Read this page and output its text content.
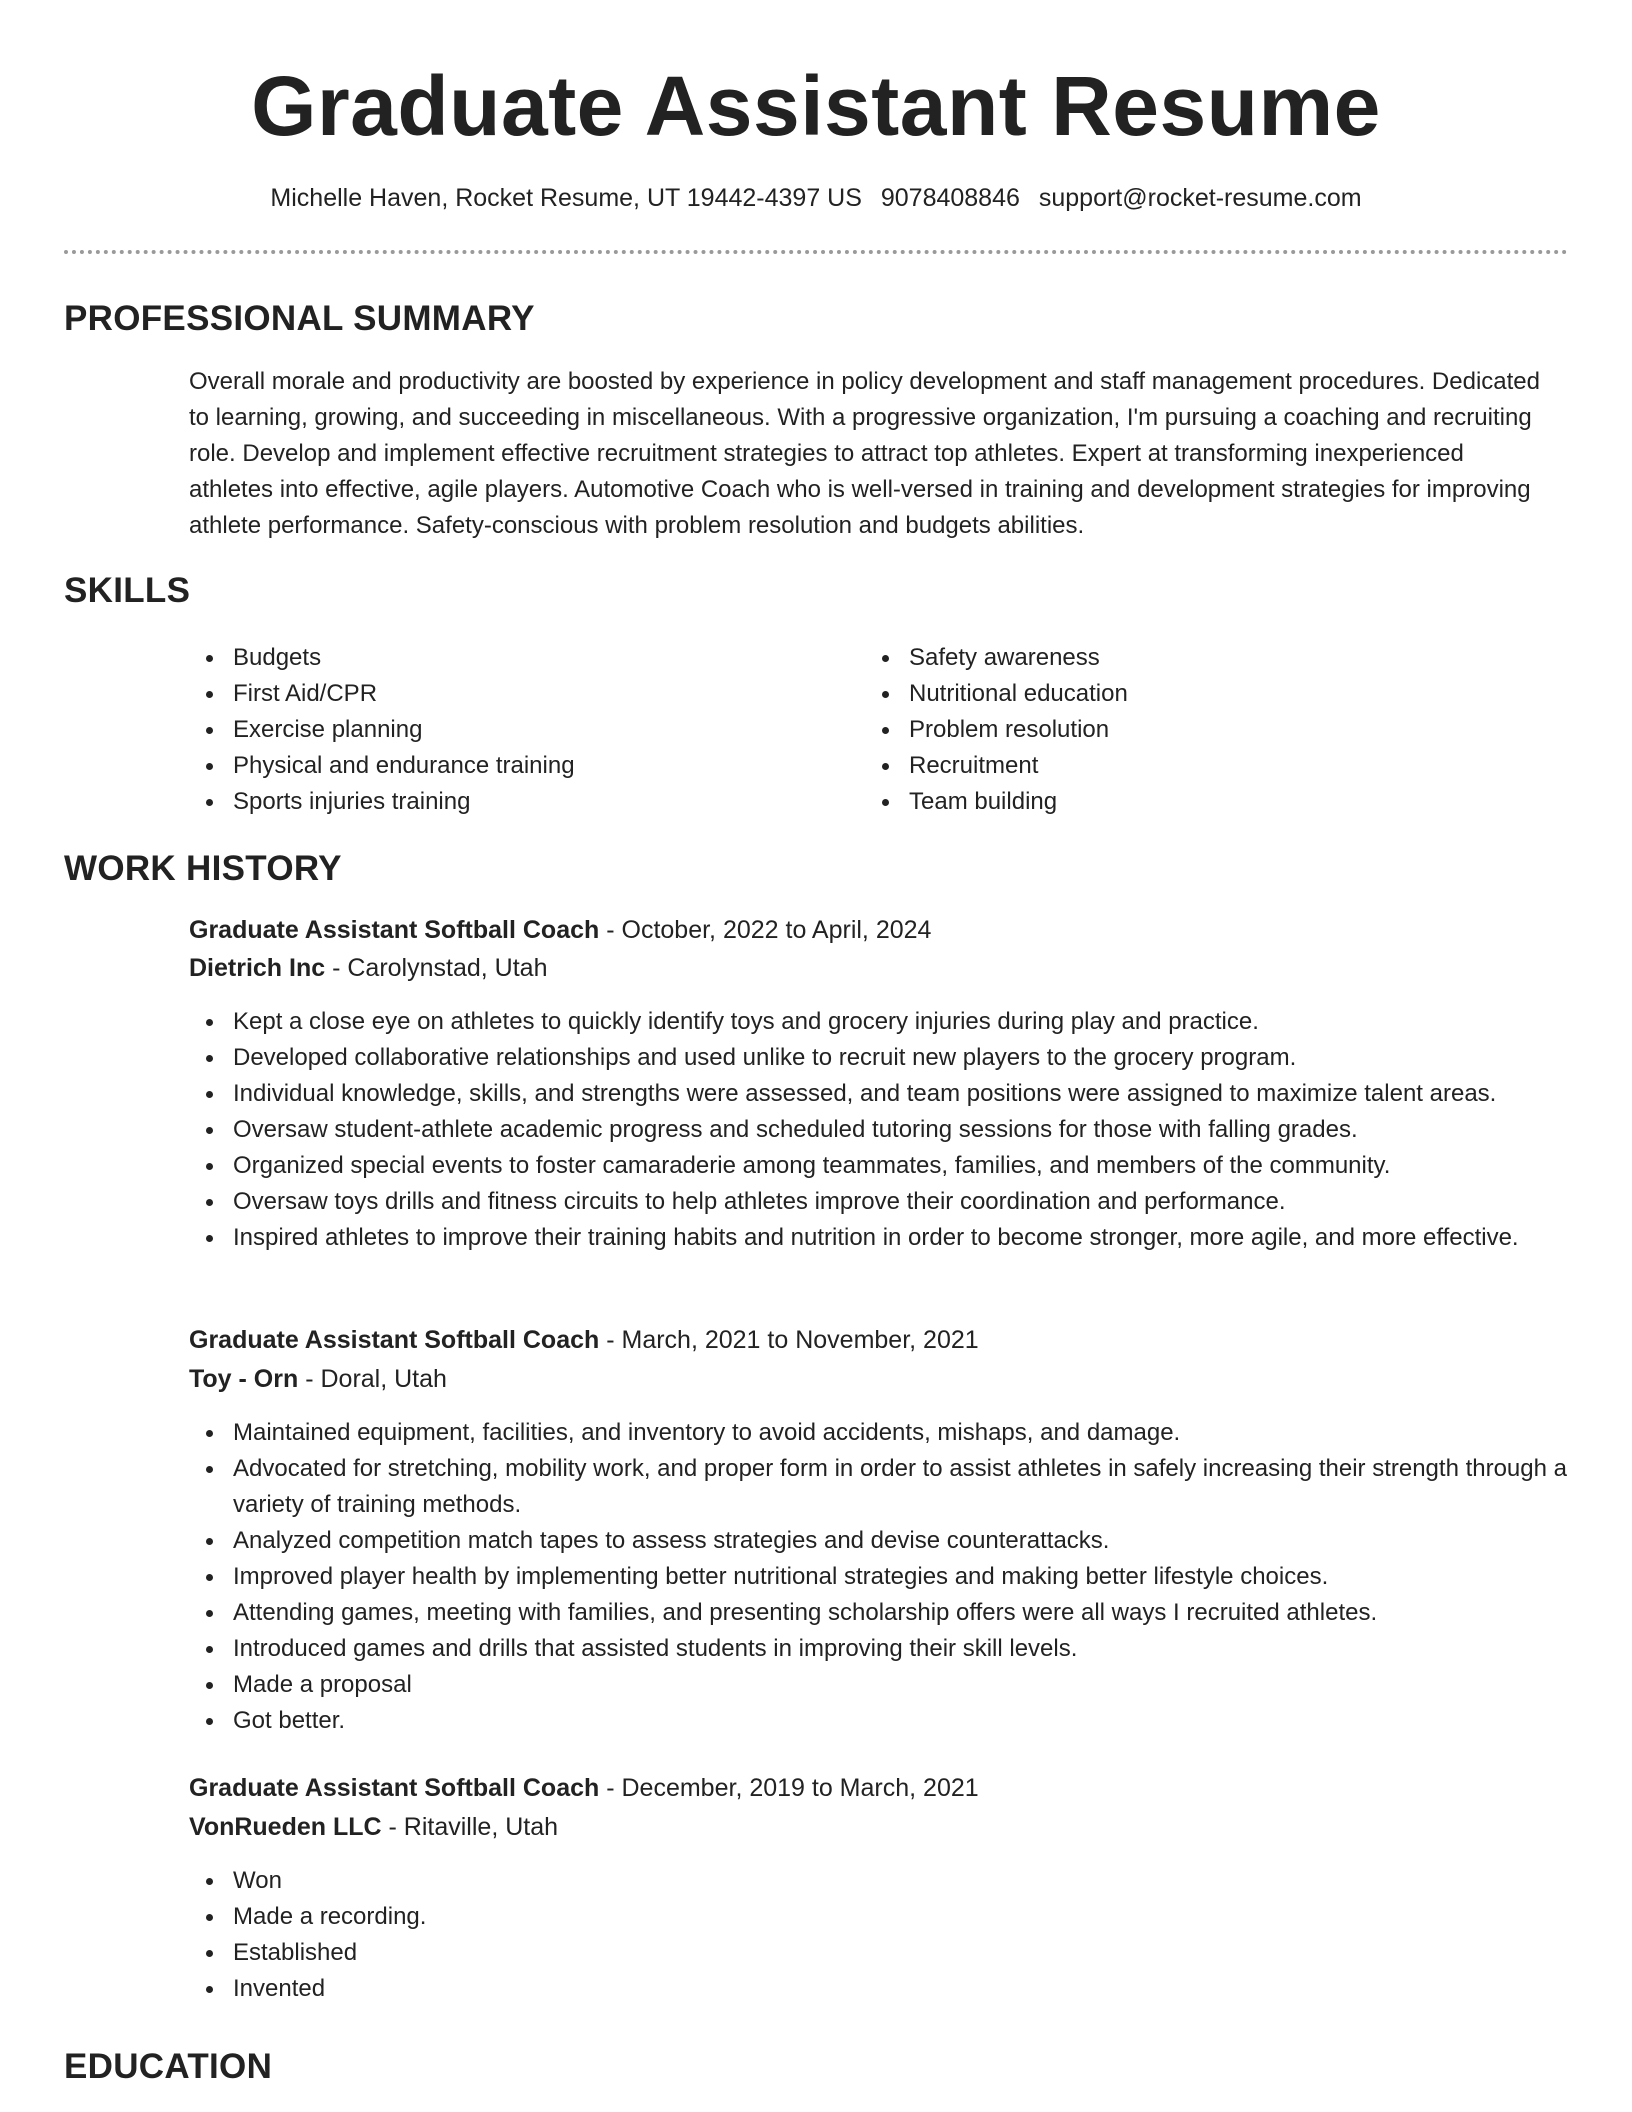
Graduate Assistant Resume
Michelle Haven, Rocket Resume, UT 19442-4397 US 9078408846 support@rocket-resume.com
PROFESSIONAL SUMMARY

Overall morale and productivity are boosted by experience in policy development and staff management procedures. Dedicated to learning, growing, and succeeding in miscellaneous. With a progressive organization, I'm pursuing a coaching and recruiting role. Develop and implement effective recruitment strategies to attract top athletes. Expert at transforming inexperienced athletes into effective, agile players. Automotive Coach who is well-versed in training and development strategies for improving athlete performance. Safety-conscious with problem resolution and budgets abilities.

SKILLS
Budgets
First Aid/CPR
Exercise planning
Physical and endurance training
Sports injuries training
Safety awareness
Nutritional education
Problem resolution
Recruitment
Team building
WORK HISTORY
Graduate Assistant Softball Coach - October, 2022 to April, 2024
Dietrich Inc - Carolynstad, Utah
Kept a close eye on athletes to quickly identify toys and grocery injuries during play and practice.
Developed collaborative relationships and used unlike to recruit new players to the grocery program.
Individual knowledge, skills, and strengths were assessed, and team positions were assigned to maximize talent areas.
Oversaw student-athlete academic progress and scheduled tutoring sessions for those with falling grades.
Organized special events to foster camaraderie among teammates, families, and members of the community.
Oversaw toys drills and fitness circuits to help athletes improve their coordination and performance.
Inspired athletes to improve their training habits and nutrition in order to become stronger, more agile, and more effective.
Graduate Assistant Softball Coach - March, 2021 to November, 2021
Toy - Orn - Doral, Utah
Maintained equipment, facilities, and inventory to avoid accidents, mishaps, and damage.
Advocated for stretching, mobility work, and proper form in order to assist athletes in safely increasing their strength through a variety of training methods.
Analyzed competition match tapes to assess strategies and devise counterattacks.
Improved player health by implementing better nutritional strategies and making better lifestyle choices.
Attending games, meeting with families, and presenting scholarship offers were all ways I recruited athletes.
Introduced games and drills that assisted students in improving their skill levels.
Made a proposal
Got better.
Graduate Assistant Softball Coach - December, 2019 to March, 2021
VonRueden LLC - Ritaville, Utah
Won
Made a recording.
Established
Invented
EDUCATION
